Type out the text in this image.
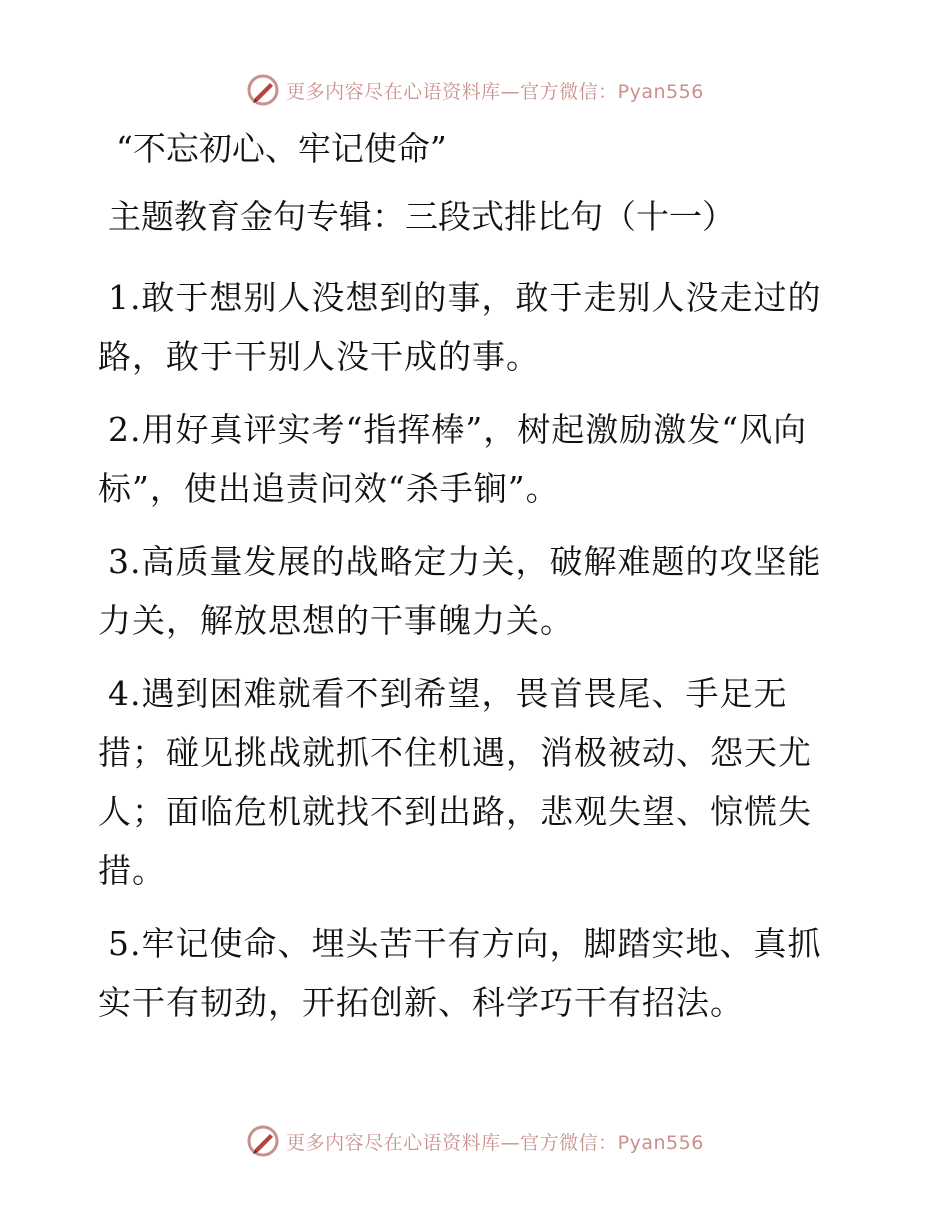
更多内容尽在心语资料库—官方微信：Pyan556

“不忘初心、牢记使命”

主题教育金句专辑：三段式排比句（十一）

1.敢于想别人没想到的事，敢于走别人没走过的路，敢于干别人没干成的事。

2.用好真评实考“指挥棒”，树起激励激发“风向标”，使出追责问效“杀手锏”。

3.高质量发展的战略定力关，破解难题的攻坚能力关，解放思想的干事魄力关。

4.遇到困难就看不到希望，畏首畏尾、手足无措；碰见挑战就抓不住机遇，消极被动、怨天尤人；面临危机就找不到出路，悲观失望、惊慌失措。

5.牢记使命、埋头苦干有方向，脚踏实地、真抓实干有韧劲，开拓创新、科学巧干有招法。

更多内容尽在心语资料库—官方微信：Pyan556
